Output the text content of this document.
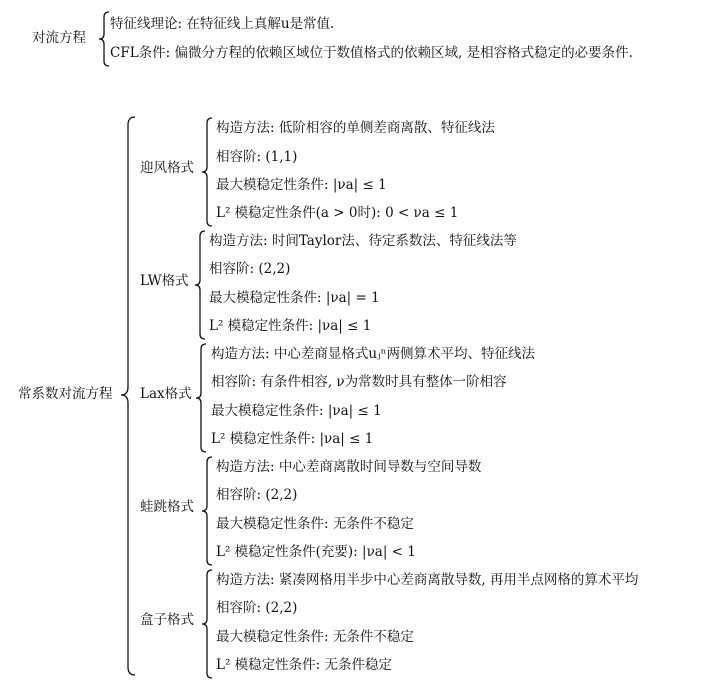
对流方程
特征线理论: 在特征线上真解u是常值.
CFL条件: 偏微分方程的依赖区域位于数值格式的依赖区域, 是相容格式稳定的必要条件.
常系数对流方程
迎风格式
构造方法: 低阶相容的单侧差商离散、特征线法
相容阶: (1,1)
最大模稳定性条件: |νa| ≤ 1
L² 模稳定性条件(a > 0时): 0 < νa ≤ 1
LW格式
构造方法: 时间Taylor法、待定系数法、特征线法等
相容阶: (2,2)
最大模稳定性条件: |νa| = 1
L² 模稳定性条件: |νa| ≤ 1
Lax格式
构造方法: 中心差商显格式uⱼⁿ两侧算术平均、特征线法
相容阶: 有条件相容, ν为常数时具有整体一阶相容
最大模稳定性条件: |νa| ≤ 1
L² 模稳定性条件: |νa| ≤ 1
蛙跳格式
构造方法: 中心差商离散时间导数与空间导数
相容阶: (2,2)
最大模稳定性条件: 无条件不稳定
L² 模稳定性条件(充要): |νa| < 1
盒子格式
构造方法: 紧凑网格用半步中心差商离散导数, 再用半点网格的算术平均
相容阶: (2,2)
最大模稳定性条件: 无条件不稳定
L² 模稳定性条件: 无条件稳定
